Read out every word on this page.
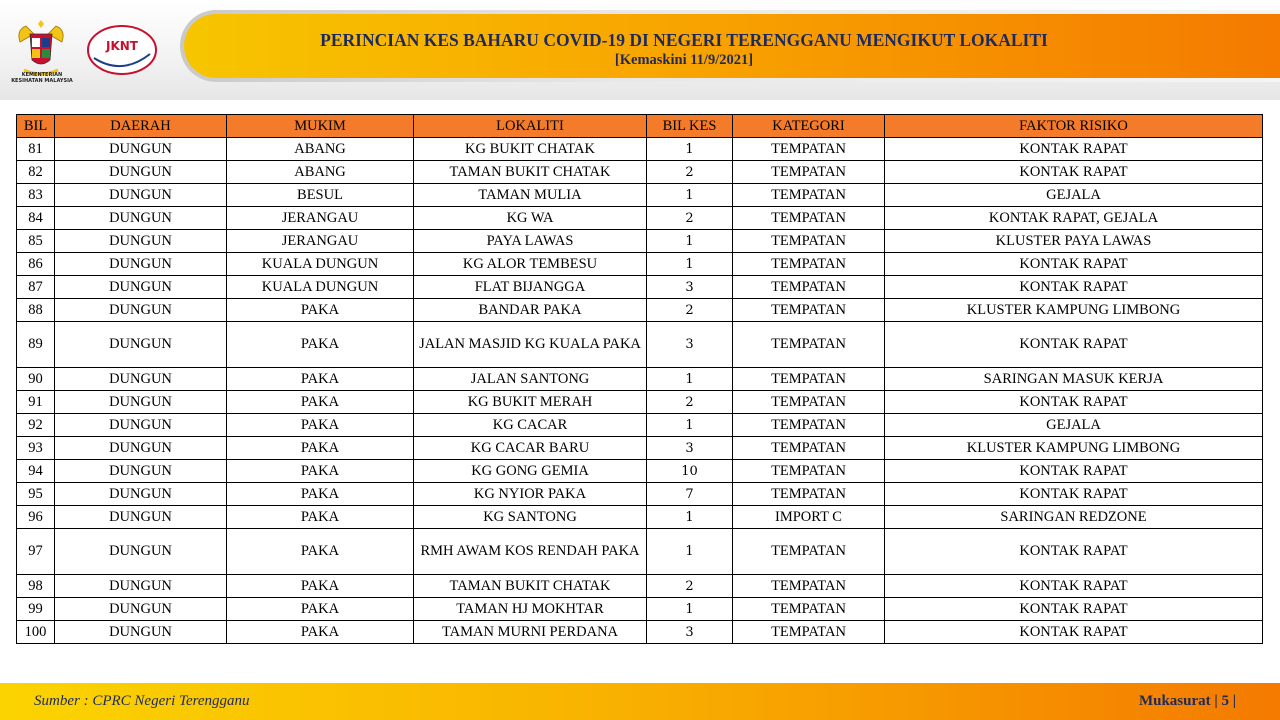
PERINCIAN KES BAHARU COVID-19 DI NEGERI TERENGGANU MENGIKUT LOKALITI
[Kemaskini 11/9/2021]
KEMENTERIAN KESIHATAN MALAYSIA
JKNT
BIL	DAERAH	MUKIM	LOKALITI	BIL KES	KATEGORI	FAKTOR RISIKO
81	DUNGUN	ABANG	KG BUKIT CHATAK	1	TEMPATAN	KONTAK RAPAT
82	DUNGUN	ABANG	TAMAN BUKIT CHATAK	2	TEMPATAN	KONTAK RAPAT
83	DUNGUN	BESUL	TAMAN MULIA	1	TEMPATAN	GEJALA
84	DUNGUN	JERANGAU	KG WA	2	TEMPATAN	KONTAK RAPAT, GEJALA
85	DUNGUN	JERANGAU	PAYA LAWAS	1	TEMPATAN	KLUSTER PAYA LAWAS
86	DUNGUN	KUALA DUNGUN	KG ALOR TEMBESU	1	TEMPATAN	KONTAK RAPAT
87	DUNGUN	KUALA DUNGUN	FLAT BIJANGGA	3	TEMPATAN	KONTAK RAPAT
88	DUNGUN	PAKA	BANDAR PAKA	2	TEMPATAN	KLUSTER KAMPUNG LIMBONG
89	DUNGUN	PAKA	JALAN MASJID KG KUALA PAKA	3	TEMPATAN	KONTAK RAPAT
90	DUNGUN	PAKA	JALAN SANTONG	1	TEMPATAN	SARINGAN MASUK KERJA
91	DUNGUN	PAKA	KG BUKIT MERAH	2	TEMPATAN	KONTAK RAPAT
92	DUNGUN	PAKA	KG CACAR	1	TEMPATAN	GEJALA
93	DUNGUN	PAKA	KG CACAR BARU	3	TEMPATAN	KLUSTER KAMPUNG LIMBONG
94	DUNGUN	PAKA	KG GONG GEMIA	10	TEMPATAN	KONTAK RAPAT
95	DUNGUN	PAKA	KG NYIOR PAKA	7	TEMPATAN	KONTAK RAPAT
96	DUNGUN	PAKA	KG SANTONG	1	IMPORT C	SARINGAN REDZONE
97	DUNGUN	PAKA	RMH AWAM KOS RENDAH PAKA	1	TEMPATAN	KONTAK RAPAT
98	DUNGUN	PAKA	TAMAN BUKIT CHATAK	2	TEMPATAN	KONTAK RAPAT
99	DUNGUN	PAKA	TAMAN HJ MOKHTAR	1	TEMPATAN	KONTAK RAPAT
100	DUNGUN	PAKA	TAMAN MURNI PERDANA	3	TEMPATAN	KONTAK RAPAT
Sumber : CPRC Negeri Terengganu	Mukasurat | 5 |
